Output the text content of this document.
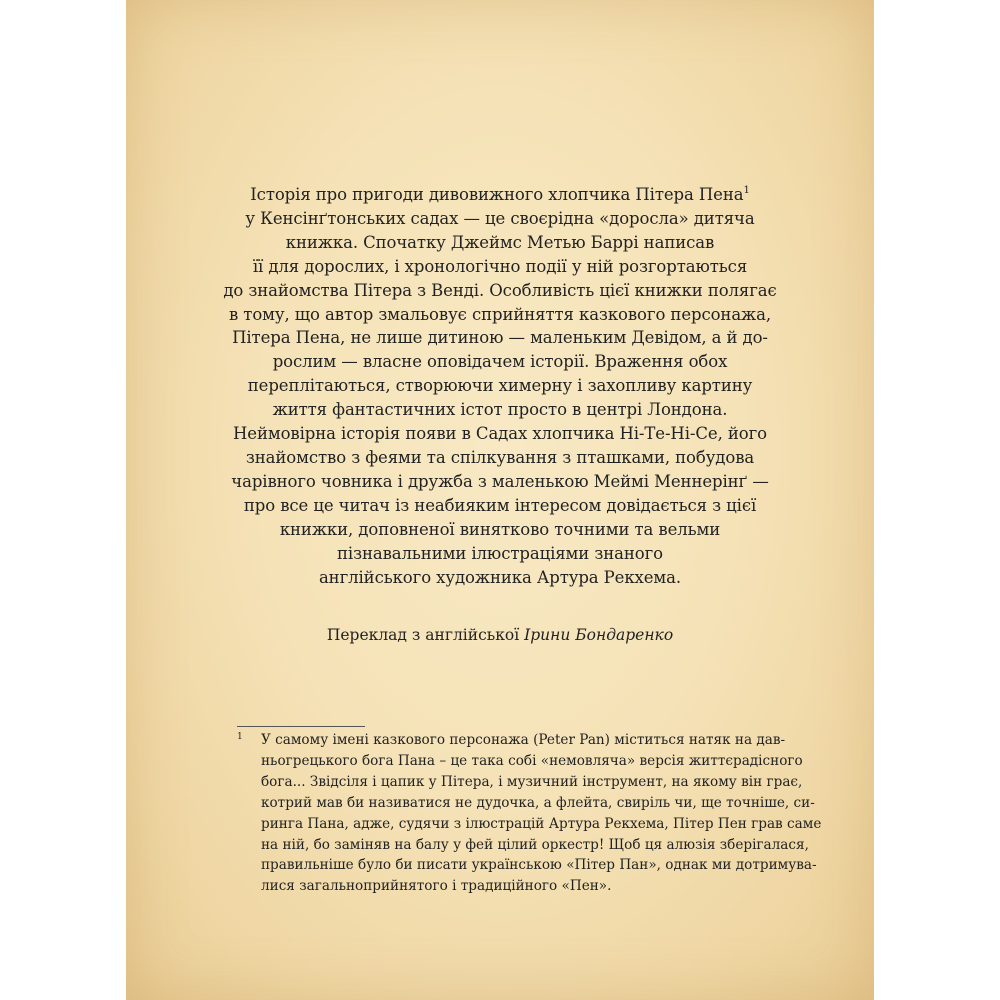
Історія про пригоди дивовижного хлопчика Пітера Пена$^1$
у Кенсінґтонських садах — це своєрідна «доросла» дитяча
книжка. Спочатку Джеймс Метью Баррі написав
її для дорослих, і хронологічно події у ній розгортаються
до знайомства Пітера з Венді. Особливість цієї книжки полягає
в тому, що автор змальовує сприйняття казкового персонажа,
Пітера Пена, не лише дитиною — маленьким Девідом, а й до-
рослим — власне оповідачем історії. Враження обох
переплітаються, створюючи химерну і захопливу картину
життя фантастичних істот просто в центрі Лондона.
Неймовірна історія появи в Садах хлопчика Ні-Те-Ні-Се, його
знайомство з феями та спілкування з пташками, побудова
чарівного човника і дружба з маленькою Меймі Меннерінґ —
про все це читач із неабияким інтересом довідається з цієї
книжки, доповненої винятково точними та вельми
пізнавальними ілюстраціями знаного
англійського художника Артура Рекхема.
Переклад з англійської Ірини Бондаренко
1 У самому імені казкового персонажа (Peter Pan) міститься натяк на дав-
ньогрецького бога Пана – це така собі «немовляча» версія життєрадісного
бога... Звідсіля і цапик у Пітера, і музичний інструмент, на якому він грає,
котрий мав би називатися не дудочка, а флейта, свиріль чи, ще точніше, си-
ринга Пана, адже, судячи з ілюстрацій Артура Рекхема, Пітер Пен грав саме
на ній, бо заміняв на балу у фей цілий оркестр! Щоб ця алюзія зберігалася,
правильніше було би писати українською «Пітер Пан», однак ми дотримува-
лися загальноприйнятого і традиційного «Пен».
